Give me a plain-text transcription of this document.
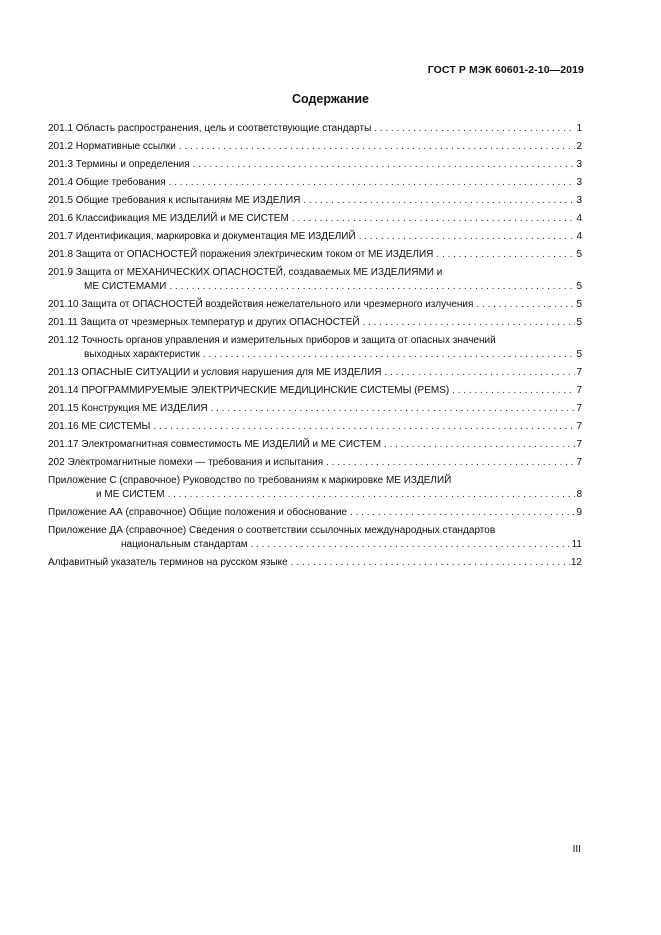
ГОСТ Р МЭК 60601-2-10—2019
Содержание
201.1 Область распространения, цель и соответствующие стандарты . . .	1
201.2 Нормативные ссылки . . .	2
201.3 Термины и определения . . .	3
201.4 Общие требования . . .	3
201.5 Общие требования к испытаниям МЕ ИЗДЕЛИЯ . . .	3
201.6 Классификация МЕ ИЗДЕЛИЙ и МЕ СИСТЕМ . . .	4
201.7 Идентификация, маркировка и документация МЕ ИЗДЕЛИЙ . . .	4
201.8 Защита от ОПАСНОСТЕЙ поражения электрическим током от МЕ ИЗДЕЛИЯ . . .	5
201.9 Защита от МЕХАНИЧЕСКИХ ОПАСНОСТЕЙ, создаваемых МЕ ИЗДЕЛИЯМИ и
МЕ СИСТЕМАМИ . . .	5
201.10 Защита от ОПАСНОСТЕЙ воздействия нежелательного или чрезмерного излучения . . .	5
201.11 Защита от чрезмерных температур и других ОПАСНОСТЕЙ . . .	5
201.12 Точность органов управления и измерительных приборов и защита от опасных значений
выходных характеристик . . .	5
201.13 ОПАСНЫЕ СИТУАЦИИ и условия нарушения для МЕ ИЗДЕЛИЯ . . .	7
201.14 ПРОГРАММИРУЕМЫЕ ЭЛЕКТРИЧЕСКИЕ МЕДИЦИНСКИЕ СИСТЕМЫ (PEMS) . . .	7
201.15 Конструкция МЕ ИЗДЕЛИЯ . . .	7
201.16 МЕ СИСТЕМЫ . . .	7
201.17 Электромагнитная совместимость МЕ ИЗДЕЛИЙ и МЕ СИСТЕМ . . .	7
202 Электромагнитные помехи — требования и испытания . . .	7
Приложение С (справочное) Руководство по требованиям к маркировке МЕ ИЗДЕЛИЙ
и МЕ СИСТЕМ . . .	8
Приложение АА (справочное) Общие положения и обоснование . . .	9
Приложение ДА (справочное) Сведения о соответствии ссылочных международных стандартов
национальным стандартам . . .	11
Алфавитный указатель терминов на русском языке . . .	12
III
